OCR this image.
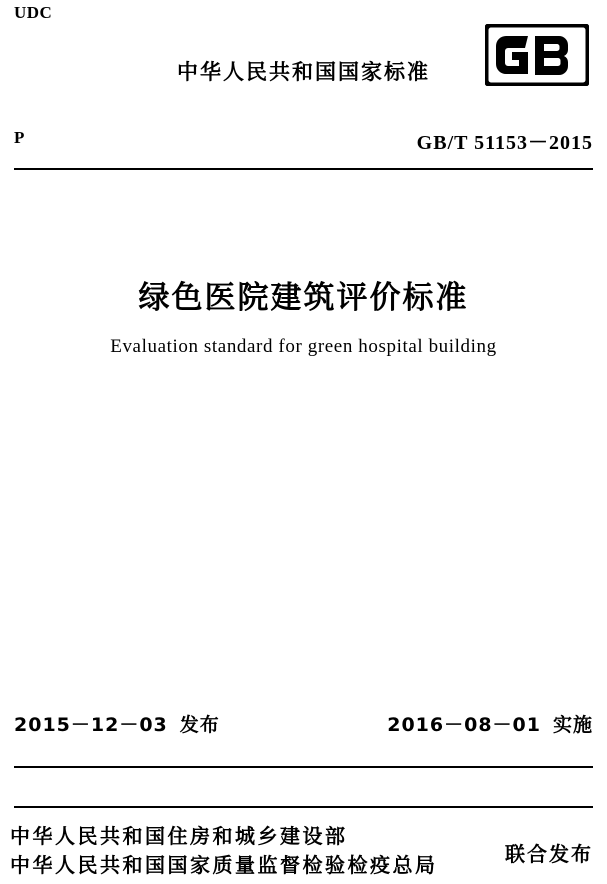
UDC
中华人民共和国国家标准
P	GB/T 51153－2015
绿色医院建筑评价标准
Evaluation standard for green hospital building
2015－12－03 发布	2016－08－01 实施
中华人民共和国住房和城乡建设部
中华人民共和国国家质量监督检验检疫总局	联合发布
